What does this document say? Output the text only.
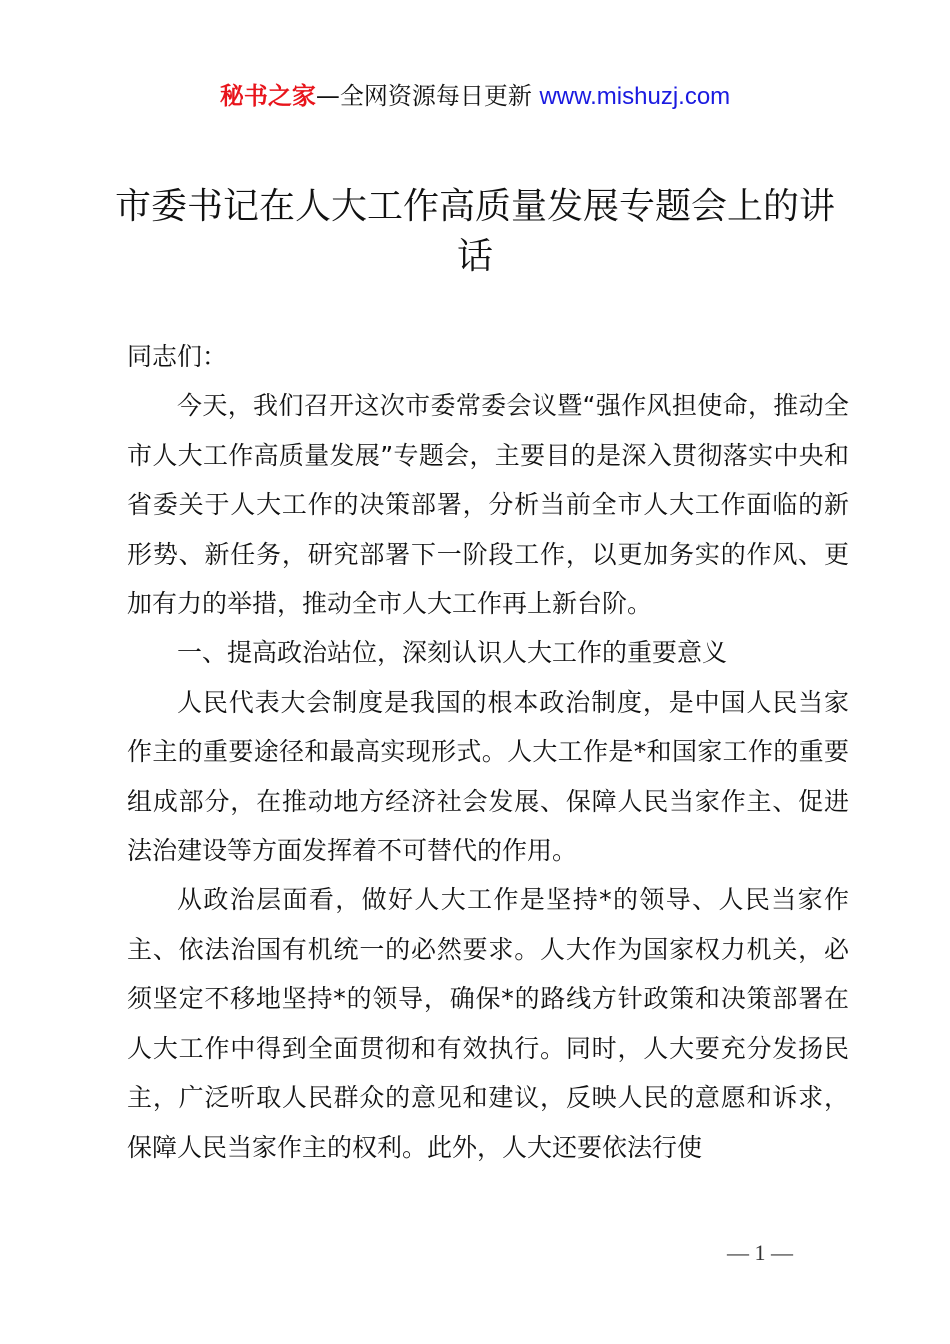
秘书之家—全网资源每日更新 www.mishuzj.com
市委书记在人大工作高质量发展专题会上的讲话

同志们：

今天，我们召开这次市委常委会议暨“强作风担使命，推动全市人大工作高质量发展”专题会，主要目的是深入贯彻落实中央和省委关于人大工作的决策部署，分析当前全市人大工作面临的新形势、新任务，研究部署下一阶段工作，以更加务实的作风、更加有力的举措，推动全市人大工作再上新台阶。

一、提高政治站位，深刻认识人大工作的重要意义

人民代表大会制度是我国的根本政治制度，是中国人民当家作主的重要途径和最高实现形式。人大工作是*和国家工作的重要组成部分，在推动地方经济社会发展、保障人民当家作主、促进法治建设等方面发挥着不可替代的作用。

从政治层面看，做好人大工作是坚持*的领导、人民当家作主、依法治国有机统一的必然要求。人大作为国家权力机关，必须坚定不移地坚持*的领导，确保*的路线方针政策和决策部署在人大工作中得到全面贯彻和有效执行。同时，人大要充分发扬民主，广泛听取人民群众的意见和建议，反映人民的意愿和诉求，保障人民当家作主的权利。此外，人大还要依法行使

— 1 —
